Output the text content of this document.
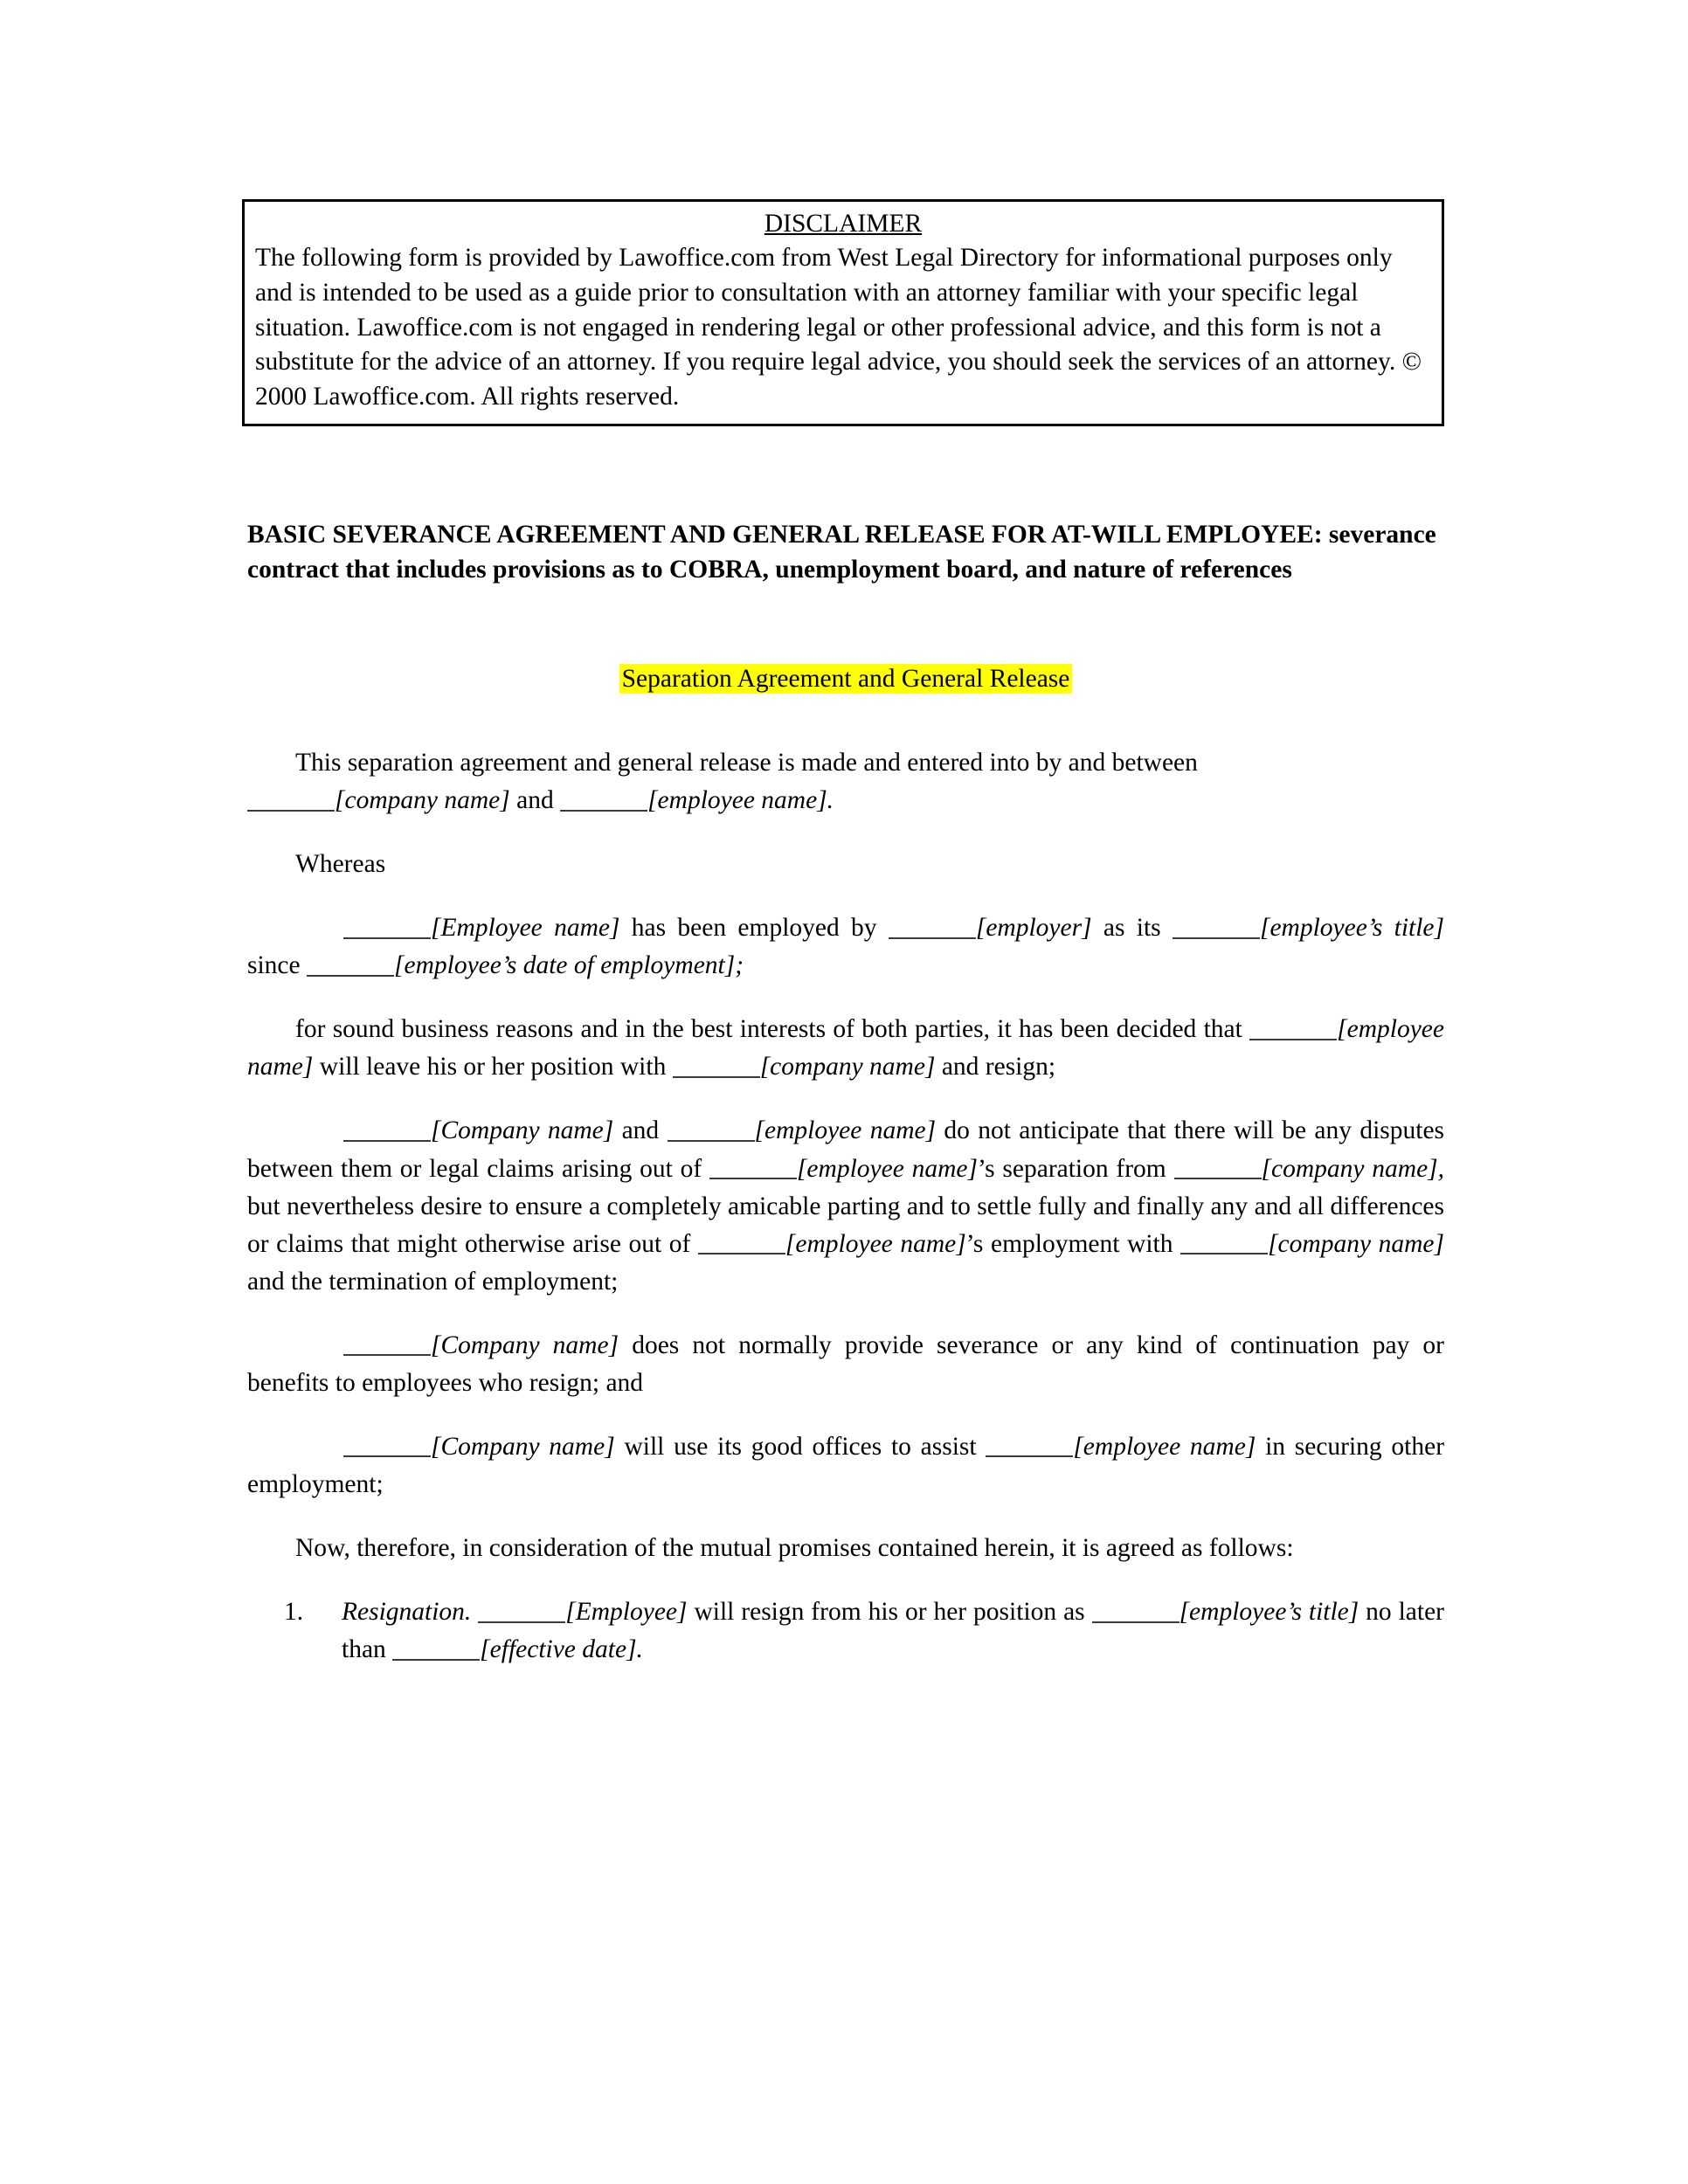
DISCLAIMER

The following form is provided by Lawoffice.com from West Legal Directory for informational purposes only and is intended to be used as a guide prior to consultation with an attorney familiar with your specific legal situation. Lawoffice.com is not engaged in rendering legal or other professional advice, and this form is not a substitute for the advice of an attorney. If you require legal advice, you should seek the services of an attorney. © 2000 Lawoffice.com. All rights reserved.

BASIC SEVERANCE AGREEMENT AND GENERAL RELEASE FOR AT-WILL EMPLOYEE: severance contract that includes provisions as to COBRA, unemployment board, and nature of references
Separation Agreement and General Release

This separation agreement and general release is made and entered into by and between
[company name] and	[employee name].

Whereas

[Employee name] has been employed by	[employer] as its	[employee’s title] since	[employee’s date of employment];

for sound business reasons and in the best interests of both parties, it has been decided that	[employee name] will leave his or her position with	[company name] and resign;

[Company name] and	[employee name] do not anticipate that there will be any disputes between them or legal claims arising out of	[employee name]’s separation from	[company name], but nevertheless desire to ensure a completely amicable parting and to settle fully and finally any and all differences or claims that might otherwise arise out of	[employee name]’s employment with	[company name] and the termination of employment;

[Company name] does not normally provide severance or any kind of continuation pay or benefits to employees who resign; and

[Company name] will use its good offices to assist	[employee name] in securing other employment;

Now, therefore, in consideration of the mutual promises contained herein, it is agreed as follows:

1. Resignation.	[Employee] will resign from his or her position as	[employee’s title] no later than	[effective date].
